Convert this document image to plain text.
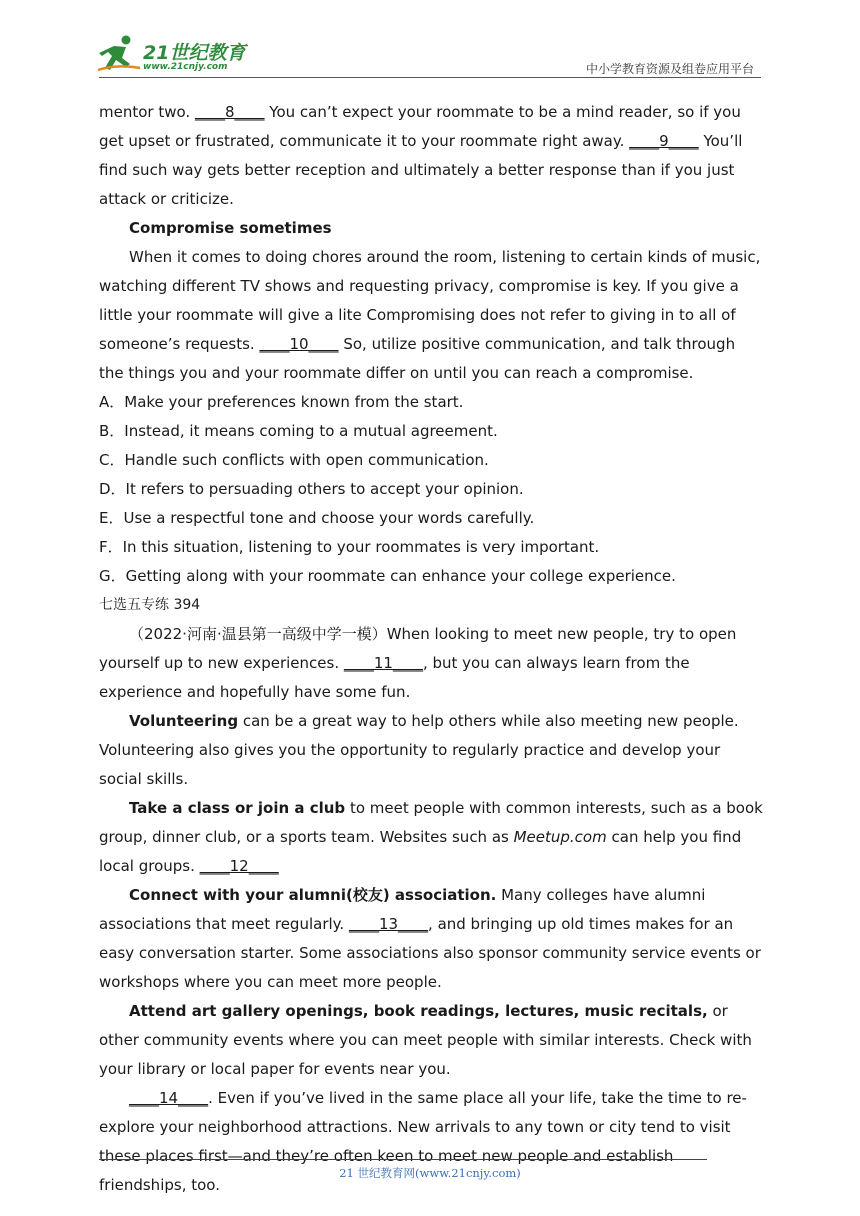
21世纪教育
www.21cnjy.com	中小学教育资源及组卷应用平台

mentor two. ____8____ You can’t expect your roommate to be a mind reader, so if you get upset or frustrated, communicate it to your roommate right away. ____9____ You’ll find such way gets better reception and ultimately a better response than if you just attack or criticize.

Compromise sometimes

When it comes to doing chores around the room, listening to certain kinds of music, watching different TV shows and requesting privacy, compromise is key. If you give a little your roommate will give a lite Compromising does not refer to giving in to all of someone’s requests. ____10____ So, utilize positive communication, and talk through the things you and your roommate differ on until you can reach a compromise.

A．Make your preferences known from the start.

B．Instead, it means coming to a mutual agreement.

C．Handle such conflicts with open communication.

D．It refers to persuading others to accept your opinion.

E．Use a respectful tone and choose your words carefully.

F．In this situation, listening to your roommates is very important.

G．Getting along with your roommate can enhance your college experience.

七选五专练 394

（2022·河南·温县第一高级中学一模）When looking to meet new people, try to open yourself up to new experiences. ____11____, but you can always learn from the experience and hopefully have some fun.

Volunteering can be a great way to help others while also meeting new people. Volunteering also gives you the opportunity to regularly practice and develop your social skills.

Take a class or join a club to meet people with common interests, such as a book group, dinner club, or a sports team. Websites such as Meetup.com can help you find local groups. ____12____

Connect with your alumni(校友) association. Many colleges have alumni associations that meet regularly. ____13____, and bringing up old times makes for an easy conversation starter. Some associations also sponsor community service events or workshops where you can meet more people.

Attend art gallery openings, book readings, lectures, music recitals, or other community events where you can meet people with similar interests. Check with your library or local paper for events near you.

____14____. Even if you’ve lived in the same place all your life, take the time to re-explore your neighborhood attractions. New arrivals to any town or city tend to visit these places first—and they’re often keen to meet new people and establish friendships, too.

21 世纪教育网(www.21cnjy.com)
